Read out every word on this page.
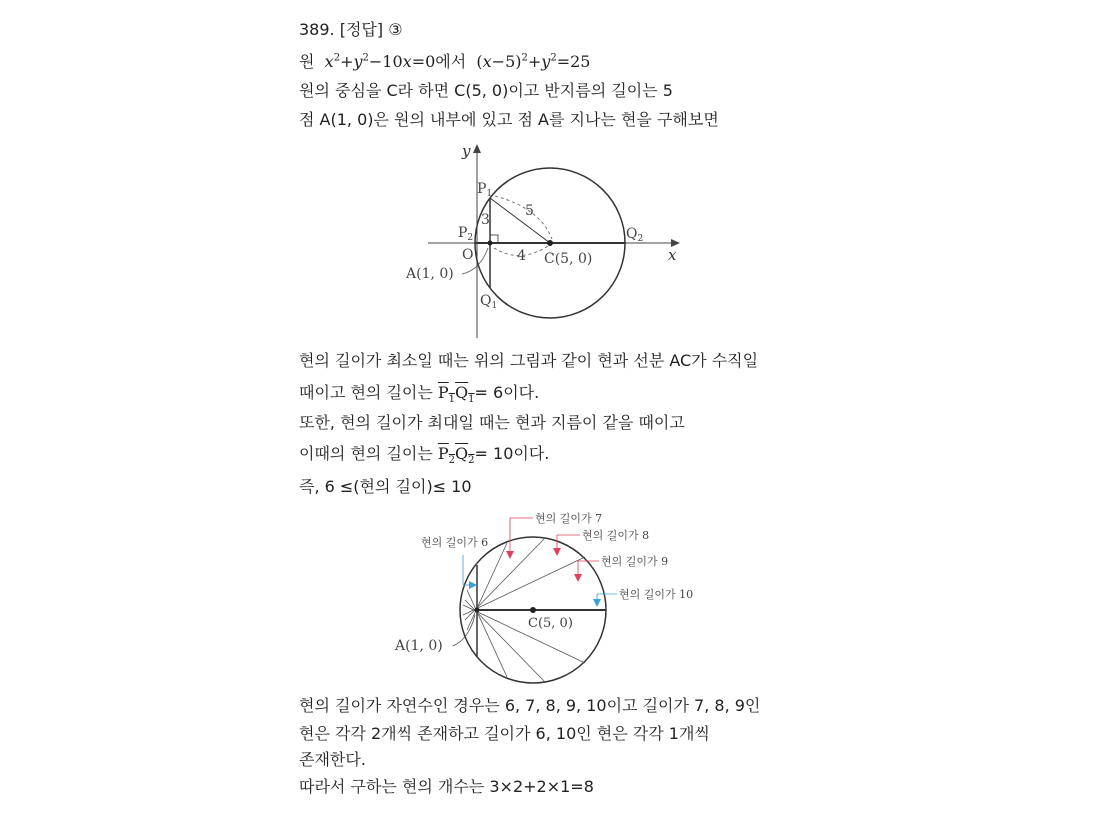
389. [정답] ③
원 $x^2+y^2-10x=0$에서  $(x-5)^2+y^2=25$
원의 중심을 C라 하면 C(5, 0)이고 반지름의 길이는 5
점 A(1, 0)은 원의 내부에 있고 점 A를 지나는 현을 구해보면
x
y
$P_1$
$P_2$	$Q_2$
$Q_1$
O
3
5
4 C(5, 0)
A(1, 0)
현의 길이가 최소일 때는 위의 그림과 같이 현과 선분 AC가 수직일
때이고 현의 길이는 $P_1Q_1= 6$이다.
또한, 현의 길이가 최대일 때는 현과 지름이 같을 때이고
이때의 현의 길이는 $P_2Q_2= 10$이다.
즉, 6 ≤(현의 길이)≤ 10
현의 길이가 7
현의 길이가 8
현의 길이가 9
현의 길이가 10
현의 길이가 6
C(5, 0)
A(1, 0)
현의 길이가 자연수인 경우는 6, 7, 8, 9, 10이고 길이가 7, 8, 9인
현은 각각 2개씩 존재하고 길이가 6, 10인 현은 각각 1개씩
존재한다.
따라서 구하는 현의 개수는 3×2+2×1=8
